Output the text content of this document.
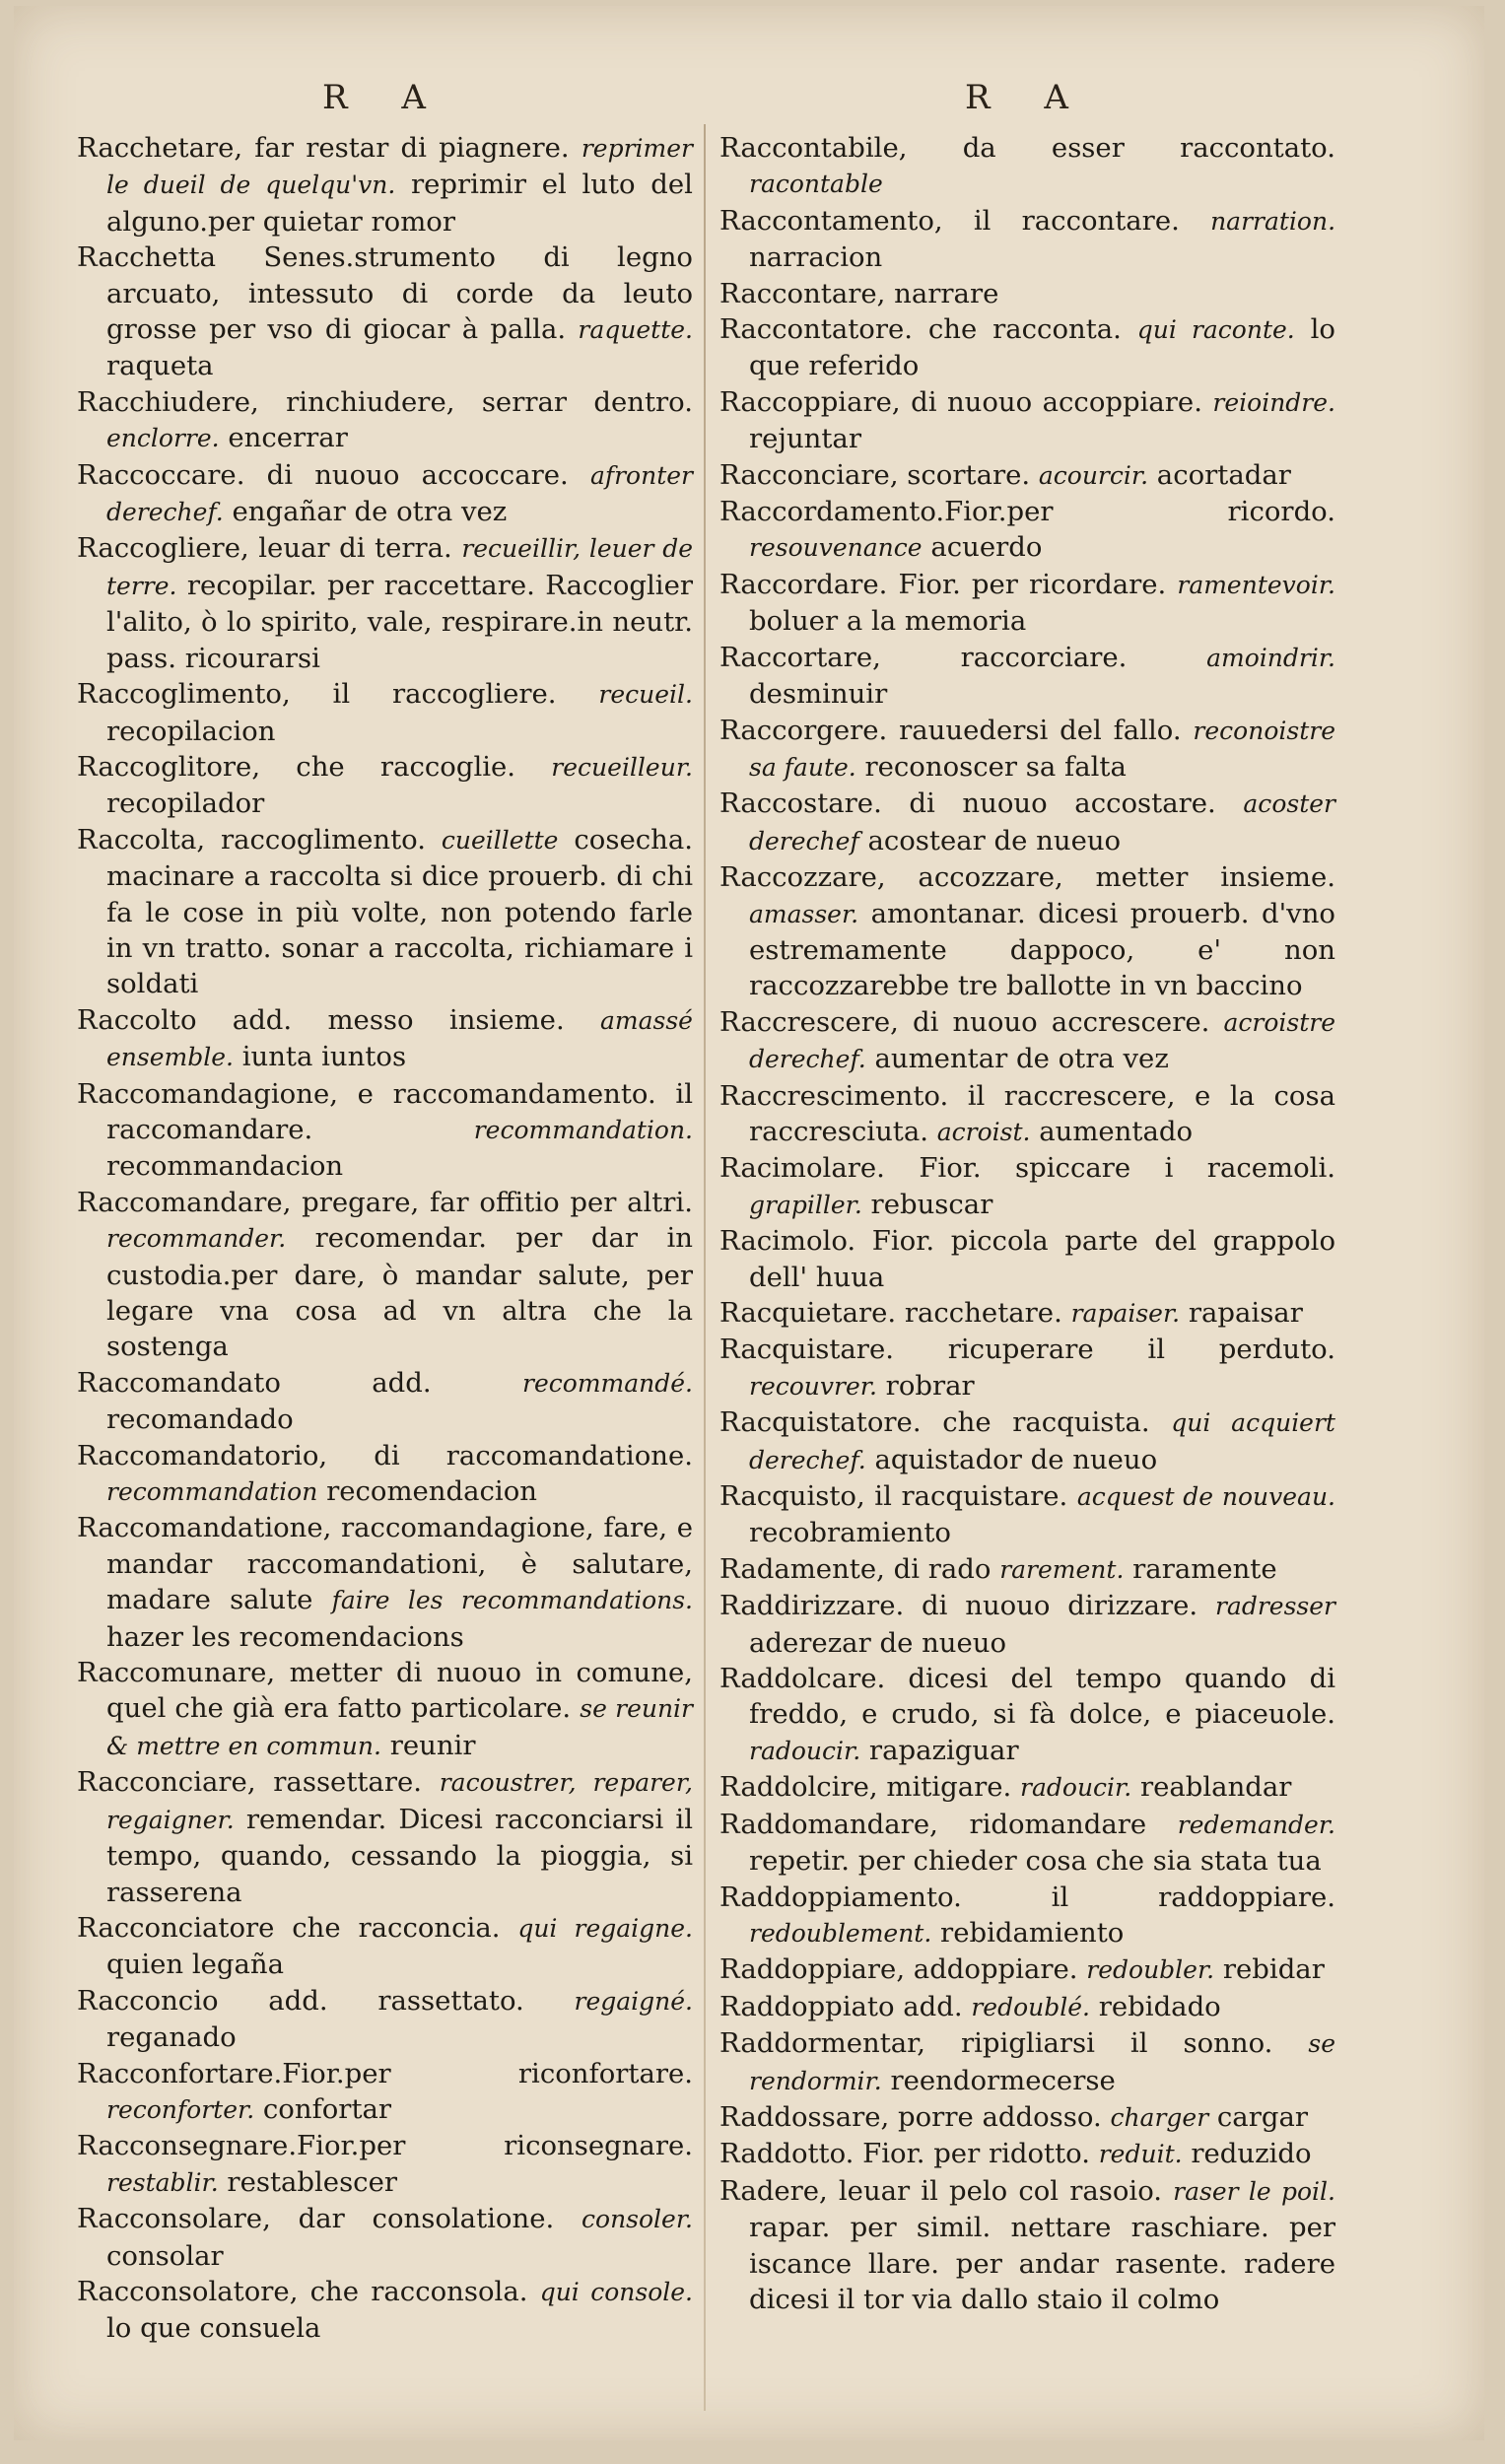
R A
Racchetare, far restar di piagnere. reprimer le dueil de quelqu'vn. reprimir el luto del alguno.per quietar romor
Racchetta Senes.strumento di legno arcuato, intessuto di corde da leuto grosse per vso di giocar à palla. raquette. raqueta
Racchiudere, rinchiudere, serrar dentro. enclorre. encerrar
Raccoccare. di nuouo accoccare. afronter derechef. engañar de otra vez
Raccogliere, leuar di terra. recueillir, leuer de terre. recopilar. per raccettare. Raccoglier l'alito, ò lo spirito, vale, respirare.in neutr. pass. ricourarsi
Raccoglimento, il raccogliere. recueil. recopilacion
Raccoglitore, che raccoglie. recueilleur. recopilador
Raccolta, raccoglimento. cueillette cosecha. macinare a raccolta si dice prouerb. di chi fa le cose in più volte, non potendo farle in vn tratto. sonar a raccolta, richiamare i soldati
Raccolto add. messo insieme. amassé ensemble. iunta iuntos
Raccomandagione, e raccomandamento. il raccomandare.	recommandation. recommandacion
Raccomandare, pregare, far offitio per altri. recommander. recomendar. per dar in custodia.per dare, ò mandar salute, per legare vna cosa ad vn altra che la sostenga
Raccomandato add.	recommandé. recomandado
Raccomandatorio, di raccomandatione. recommandation recomendacion
Raccomandatione, raccomandagione, fare, e mandar raccomandationi, è salutare, madare salute faire les recommandations. hazer les recomendacions
Raccomunare, metter di nuouo in comune, quel che già era fatto particolare. se reunir & mettre en commun. reunir
Racconciare, rassettare. racoustrer, reparer, regaigner. remendar. Dicesi racconciarsi il tempo, quando, cessando la pioggia, si rasserena
Racconciatore che racconcia. qui regaigne. quien legaña
Racconcio add. rassettato. regaigné. reganado
Racconfortare.Fior.per riconfortare. reconforter. confortar
Racconsegnare.Fior.per riconsegnare. restablir. restablescer
Racconsolare, dar consolatione. consoler. consolar
Racconsolatore, che racconsola. qui console. lo que consuela
R A
Raccontabile, da esser raccontato. racontable
Raccontamento, il raccontare. narration. narracion
Raccontare, narrare
Raccontatore. che racconta. qui raconte. lo que referido
Raccoppiare, di nuouo accoppiare. reioindre. rejuntar
Racconciare, scortare. acourcir. acortadar
Raccordamento.Fior.per ricordo. resouvenance acuerdo
Raccordare. Fior. per ricordare. ramentevoir. boluer a la memoria
Raccortare, raccorciare.	amoindrir. desminuir
Raccorgere. rauuedersi del fallo. reconoistre sa faute. reconoscer sa falta
Raccostare. di nuouo accostare. acoster derechef acostear de nueuo
Raccozzare, accozzare, metter insieme. amasser. amontanar. dicesi prouerb. d'vno estremamente dappoco, e' non raccozzarebbe tre ballotte in vn baccino
Raccrescere, di nuouo accrescere. acroistre derechef. aumentar de otra vez
Raccrescimento. il raccrescere, e la cosa raccresciuta. acroist. aumentado
Racimolare. Fior. spiccare i racemoli. grapiller. rebuscar
Racimolo. Fior. piccola parte del grappolo dell' huua
Racquietare. racchetare. rapaiser. rapaisar
Racquistare. ricuperare il perduto. recouvrer. robrar
Racquistatore. che racquista. qui acquiert derechef. aquistador de nueuo
Racquisto, il racquistare. acquest de nouveau. recobramiento
Radamente, di rado rarement. raramente
Raddirizzare. di nuouo dirizzare. radresser aderezar de nueuo
Raddolcare. dicesi del tempo quando di freddo, e crudo, si fà dolce, e piaceuole. radoucir. rapaziguar
Raddolcire, mitigare. radoucir. reablandar
Raddomandare, ridomandare redemander. repetir. per chieder cosa che sia stata tua
Raddoppiamento. il raddoppiare. redoublement. rebidamiento
Raddoppiare, addoppiare. redoubler. rebidar
Raddoppiato add. redoublé. rebidado
Raddormentar, ripigliarsi il sonno. se rendormir. reendormecerse
Raddossare, porre addosso. charger cargar
Raddotto. Fior. per ridotto. reduit. reduzido
Radere, leuar il pelo col rasoio. raser le poil. rapar. per simil. nettare raschiare. per iscance llare. per andar rasente. radere dicesi il tor via dallo staio il colmo
